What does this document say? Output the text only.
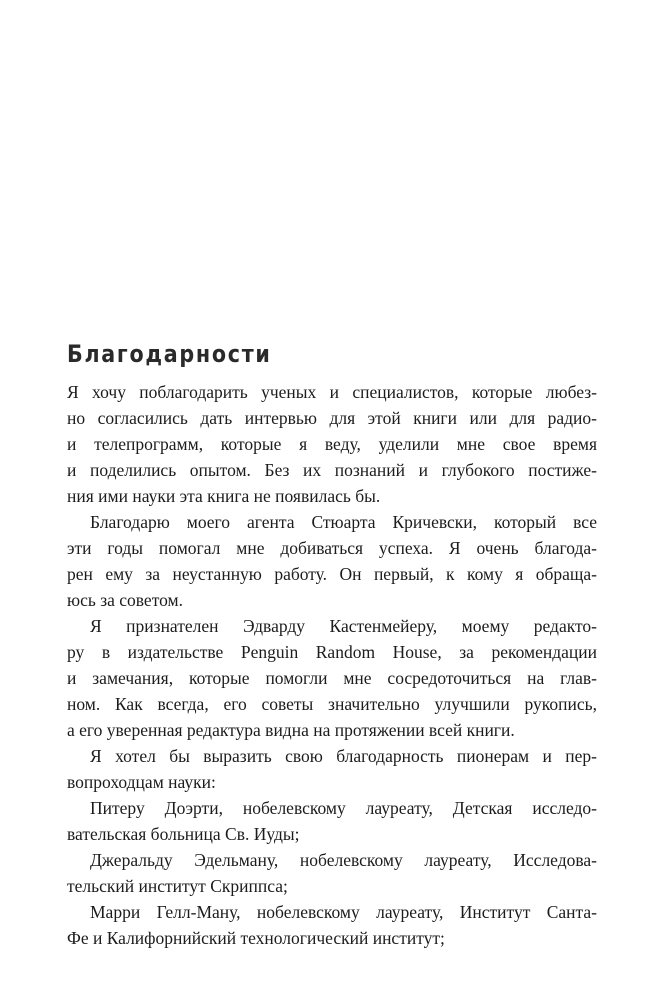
Благодарности
Я хочу поблагодарить ученых и специалистов, которые любез-
но согласились дать интервью для этой книги или для радио-
и телепрограмм, которые я веду, уделили мне свое время
и поделились опытом. Без их познаний и глубокого постиже-
ния ими науки эта книга не появилась бы.
Благодарю моего агента Стюарта Кричевски, который все
эти годы помогал мне добиваться успеха. Я очень благода-
рен ему за неустанную работу. Он первый, к кому я обраща-
юсь за советом.
Я признателен Эдварду Кастенмейеру, моему редакто-
ру в издательстве Penguin Random House, за рекомендации
и замечания, которые помогли мне сосредоточиться на глав-
ном. Как всегда, его советы значительно улучшили рукопись,
а его уверенная редактура видна на протяжении всей книги.
Я хотел бы выразить свою благодарность пионерам и пер-
вопроходцам науки:
Питеру Доэрти, нобелевскому лауреату, Детская исследо-
вательская больница Св. Иуды;
Джеральду Эдельману, нобелевскому лауреату, Исследова-
тельский институт Скриппса;
Марри Гелл-Ману, нобелевскому лауреату, Институт Санта-
Фе и Калифорнийский технологический институт;
